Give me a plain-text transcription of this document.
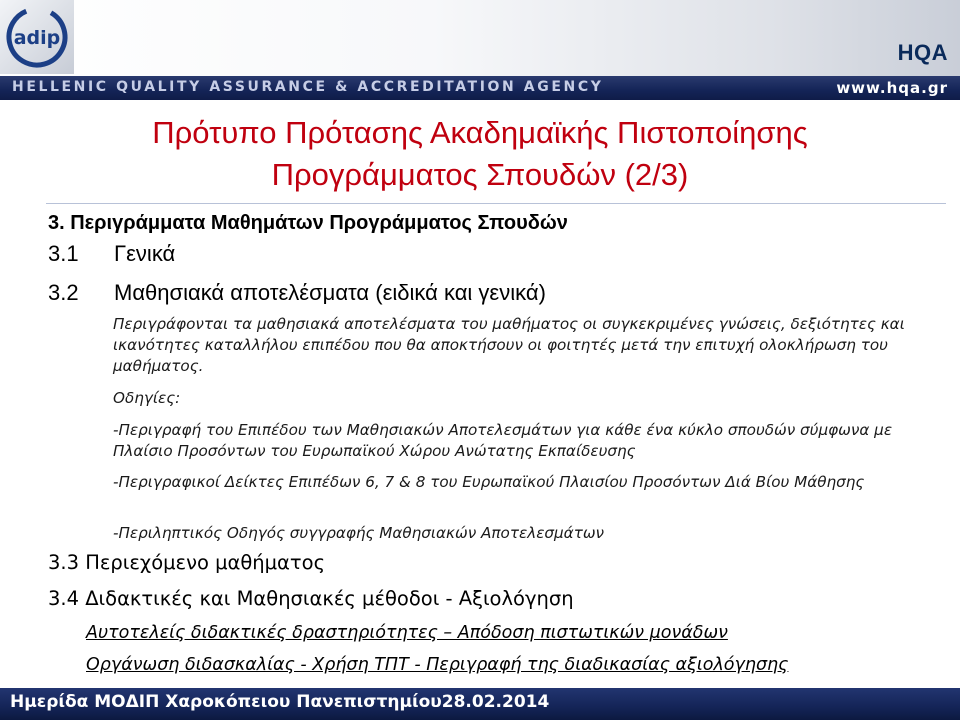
adip
HQA
HELLENIC QUALITY ASSURANCE & ACCREDITATION AGENCY	www.hqa.gr
Πρότυπο Πρότασης Ακαδημαϊκής Πιστοποίησης
Προγράμματος Σπουδών (2/3)
3. Περιγράμματα Μαθημάτων Προγράμματος Σπουδών
3.1 Γενικά
3.2 Μαθησιακά αποτελέσματα (ειδικά και γενικά)
Περιγράφονται τα μαθησιακά αποτελέσματα του μαθήματος οι συγκεκριμένες γνώσεις, δεξιότητες και ικανότητες καταλλήλου επιπέδου που θα αποκτήσουν οι φοιτητές μετά την επιτυχή ολοκλήρωση του μαθήματος.
Οδηγίες:
-Περιγραφή του Επιπέδου των Μαθησιακών Αποτελεσμάτων για κάθε ένα κύκλο σπουδών σύμφωνα με Πλαίσιο Προσόντων του Ευρωπαϊκού Χώρου Ανώτατης Εκπαίδευσης
-Περιγραφικοί Δείκτες Επιπέδων 6, 7 & 8 του Ευρωπαϊκού Πλαισίου Προσόντων Διά Βίου Μάθησης
-Περιληπτικός Οδηγός συγγραφής Μαθησιακών Αποτελεσμάτων
3.3 Περιεχόμενο μαθήματος
3.4 Διδακτικές και Μαθησιακές μέθοδοι - Αξιολόγηση
Αυτοτελείς διδακτικές δραστηριότητες – Απόδοση πιστωτικών μονάδων
Οργάνωση διδασκαλίας - Χρήση ΤΠΤ - Περιγραφή της διαδικασίας αξιολόγησης
Ημερίδα ΜΟΔΙΠ Χαροκόπειου Πανεπιστημίου28.02.2014
